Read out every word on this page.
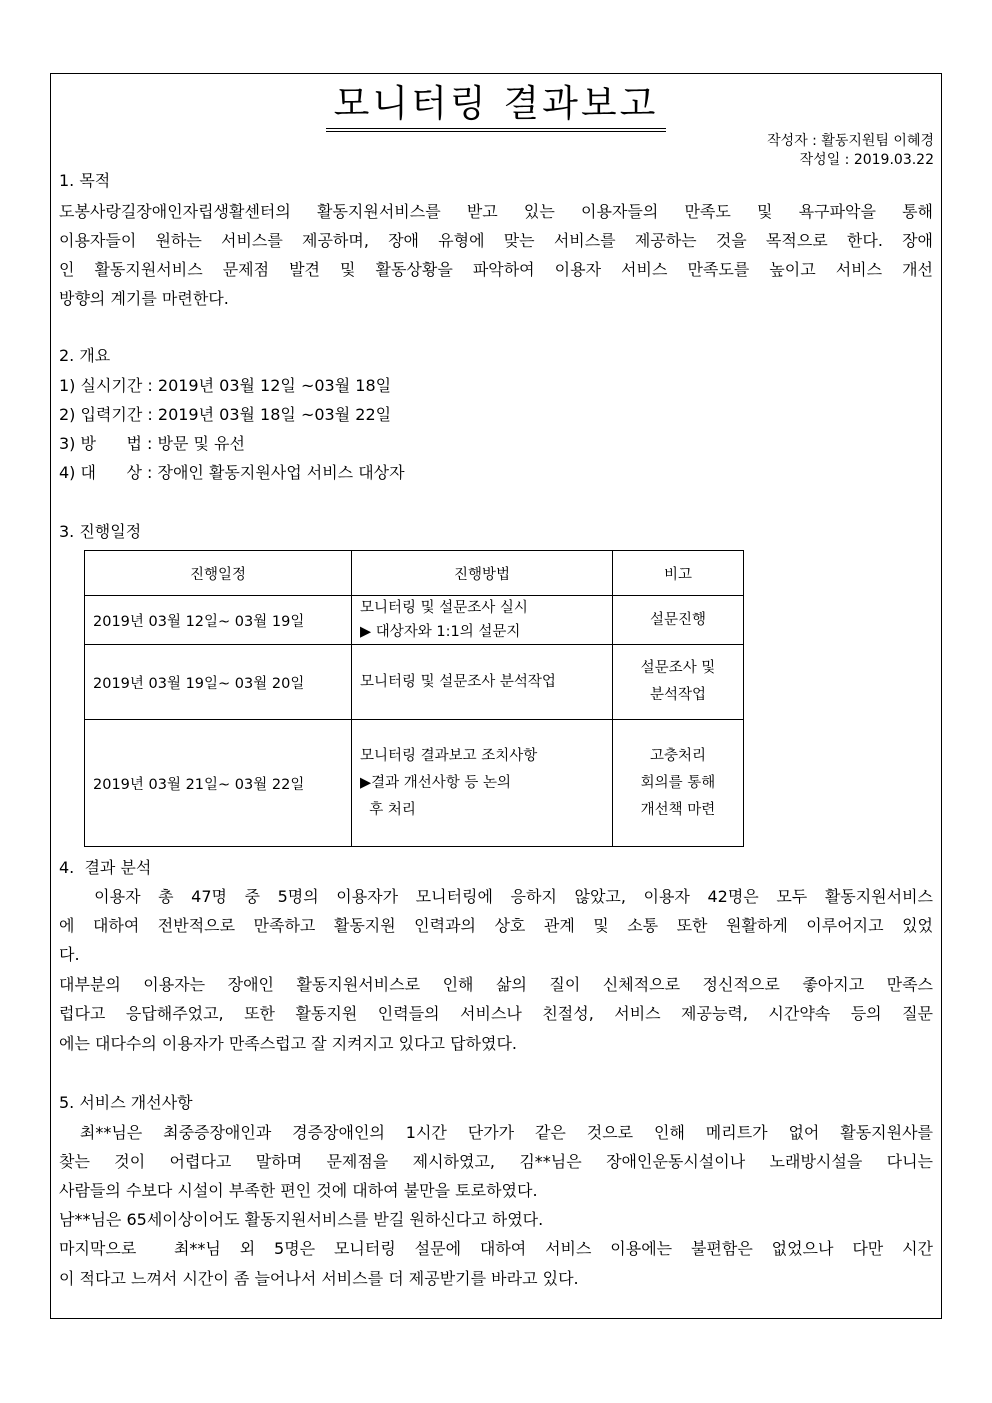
모니터링 결과보고
작성자 : 활동지원팀 이혜경
작성일 : 2019.03.22
1. 목적

도봉사랑길장애인자립생활센터의 활동지원서비스를 받고 있는 이용자들의 만족도 및 욕구파악을 통해

이용자들이 원하는 서비스를 제공하며, 장애 유형에 맞는 서비스를 제공하는 것을 목적으로 한다. 장애

인 활동지원서비스 문제점 발견 및 활동상황을 파악하여 이용자 서비스 만족도를 높이고 서비스 개선

방향의 계기를 마련한다.

2. 개요
1) 실시기간 : 2019년 03월 12일 ~03월 18일
2) 입력기간 : 2019년 03월 18일 ~03월 22일
3) 방      법 : 방문 및 유선
4) 대      상 : 장애인 활동지원사업 서비스 대상자
3. 진행일정
진행일정	진행방법	비고
2019년 03월 12일~ 03월 19일	모니터링 및 설문조사 실시
▶ 대상자와 1:1의 설문지	설문진행

2019년 03월 19일~ 03월 20일	모니터링 및 설문조사 분석작업	설문조사 및
분석작업

2019년 03월 21일~ 03월 22일	모니터링 결과보고 조치사항
▶결과 개선사항 등 논의
후 처리	고충처리
회의를 통해
개선책 마련
4.  결과 분석

이용자 총 47명 중 5명의 이용자가 모니터링에 응하지 않았고, 이용자 42명은 모두 활동지원서비스

에 대하여 전반적으로 만족하고 활동지원 인력과의 상호 관계 및 소통 또한 원활하게 이루어지고 있었

다.

대부분의 이용자는 장애인 활동지원서비스로 인해 삶의 질이 신체적으로 정신적으로 좋아지고 만족스

럽다고 응답해주었고, 또한 활동지원 인력들의 서비스나 친절성, 서비스 제공능력, 시간약속 등의 질문

에는 대다수의 이용자가 만족스럽고 잘 지켜지고 있다고 답하였다.

5. 서비스 개선사항

최**님은 최중증장애인과 경증장애인의 1시간 단가가 같은 것으로 인해 메리트가 없어 활동지원사를

찾는 것이 어렵다고 말하며 문제점을 제시하였고, 김**님은 장애인운동시설이나 노래방시설을 다니는

사람들의 수보다 시설이 부족한 편인 것에 대하여 불만을 토로하였다.

남**님은 65세이상이어도 활동지원서비스를 받길 원하신다고 하였다.

마지막으로  최**님 외 5명은 모니터링 설문에 대하여 서비스 이용에는 불편함은 없었으나 다만 시간

이 적다고 느껴서 시간이 좀 늘어나서 서비스를 더 제공받기를 바라고 있다.
